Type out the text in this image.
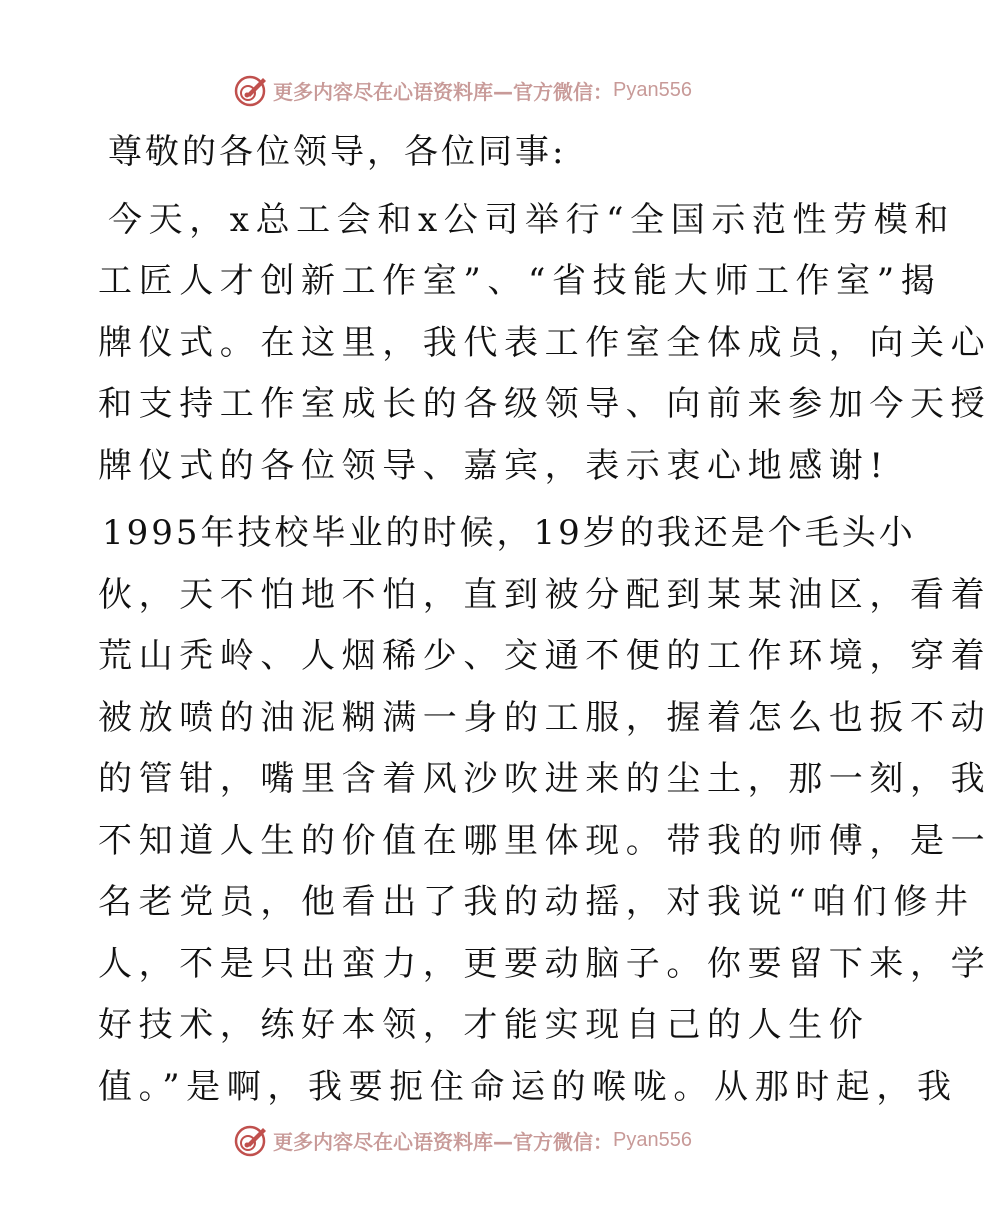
更多内容尽在心语资料库—官方微信： Pyan556
尊敬的各位领导，各位同事:
今天，x总工会和x公司举行“全国示范性劳模和
工匠人才创新工作室”、“省技能大师工作室”揭
牌仪式。在这里，我代表工作室全体成员，向关心
和支持工作室成长的各级领导、向前来参加今天授
牌仪式的各位领导、嘉宾，表示衷心地感谢!
1995年技校毕业的时候，19岁的我还是个毛头小
伙，天不怕地不怕，直到被分配到某某油区，看着
荒山秃岭、人烟稀少、交通不便的工作环境，穿着
被放喷的油泥糊满一身的工服，握着怎么也扳不动
的管钳，嘴里含着风沙吹进来的尘土，那一刻，我
不知道人生的价值在哪里体现。带我的师傅，是一
名老党员，他看出了我的动摇，对我说“咱们修井
人，不是只出蛮力，更要动脑子。你要留下来，学
好技术，练好本领，才能实现自己的人生价
值。”是啊，我要扼住命运的喉咙。从那时起，我
更多内容尽在心语资料库—官方微信： Pyan556
